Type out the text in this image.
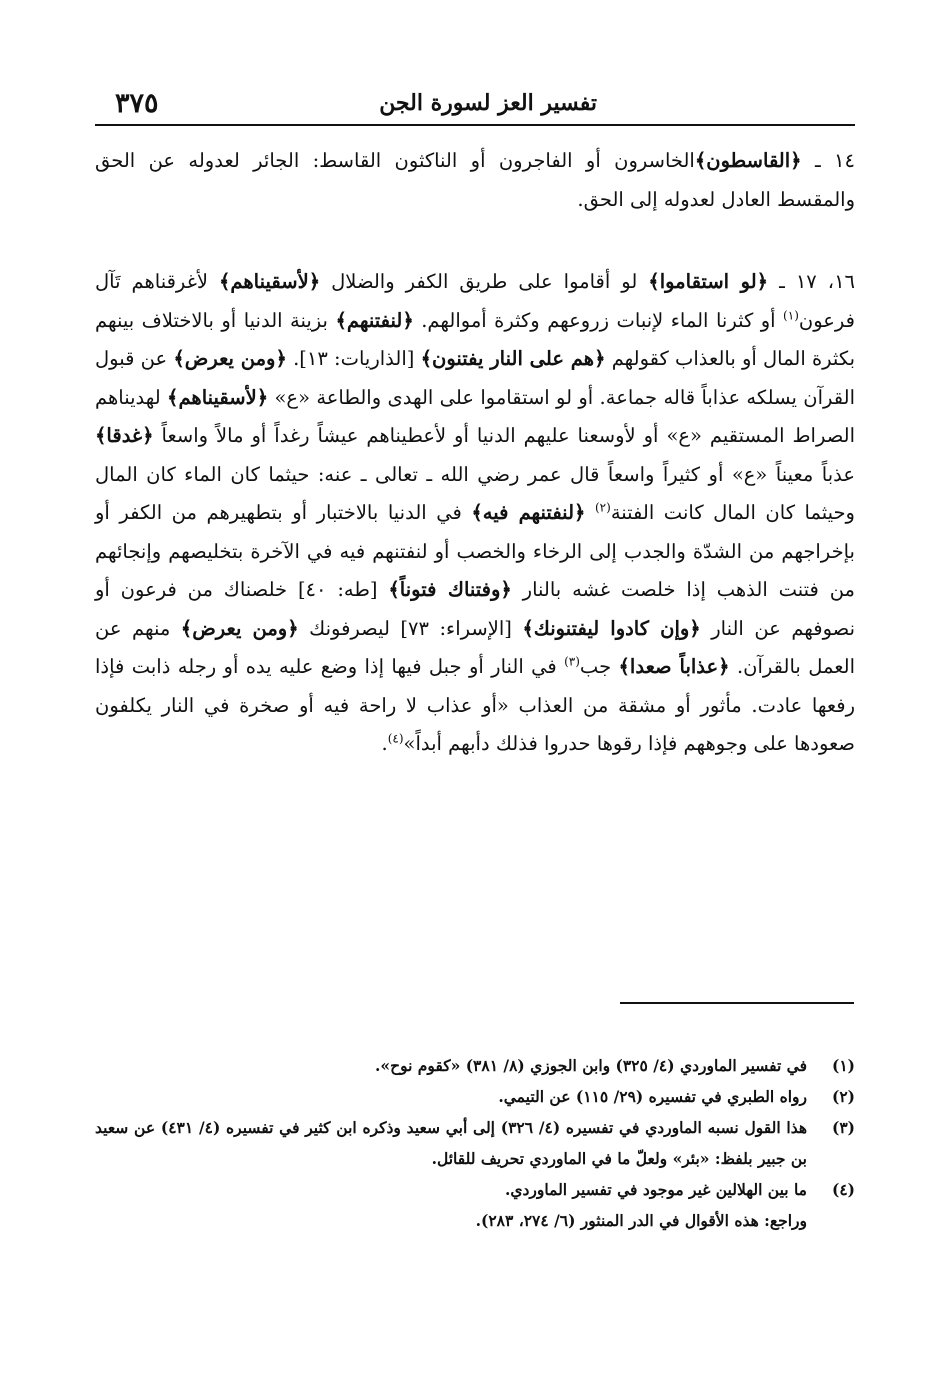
٣٧٥	تفسير العز لسورة الجن

١٤ ـ ﴿القاسطون﴾الخاسرون أو الفاجرون أو الناكثون القاسط: الجائر لعدوله عن الحق والمقسط العادل لعدوله إلى الحق.

١٦، ١٧ ـ ﴿لو استقاموا﴾ لو أقاموا على طريق الكفر والضلال ﴿لأسقيناهم﴾ لأغرقناهم تَآل فرعون$^{(١)}$ أو كثرنا الماء لإنبات زروعهم وكثرة أموالهم. ﴿لنفتنهم﴾ بزينة الدنيا أو بالاختلاف بينهم بكثرة المال أو بالعذاب كقولهم ﴿هم على النار يفتنون﴾ [الذاريات: ١٣]. ﴿ومن يعرض﴾ عن قبول القرآن يسلكه عذاباً قاله جماعة. أو لو استقاموا على الهدى والطاعة «ع» ﴿لأسقيناهم﴾ لهديناهم الصراط المستقيم «ع» أو لأوسعنا عليهم الدنيا أو لأعطيناهم عيشاً رغداً أو مالاً واسعاً ﴿غدقا﴾ عذباً معيناً «ع» أو كثيراً واسعاً قال عمر رضي الله ـ تعالى ـ عنه: حيثما كان الماء كان المال وحيثما كان المال كانت الفتنة$^{(٢)}$ ﴿لنفتنهم فيه﴾ في الدنيا بالاختبار أو بتطهيرهم من الكفر أو بإخراجهم من الشدّة والجدب إلى الرخاء والخصب أو لنفتنهم فيه في الآخرة بتخليصهم وإنجائهم من فتنت الذهب إذا خلصت غشه بالنار ﴿وفتناك فتوناً﴾ [طه: ٤٠] خلصناك من فرعون أو نصوفهم عن النار ﴿وإن كادوا ليفتنونك﴾ [الإسراء: ٧٣] ليصرفونك ﴿ومن يعرض﴾ منهم عن العمل بالقرآن. ﴿عذاباً صعدا﴾ جب$^{(٣)}$ في النار أو جبل فيها إذا وضع عليه يده أو رجله ذابت فإذا رفعها عادت. مأثور أو مشقة من العذاب «أو عذاب لا راحة فيه أو صخرة في النار يكلفون صعودها على وجوههم فإذا رقوها حدروا فذلك دأبهم أبداً»$^{(٤)}$.

(١)
في تفسير الماوردي (٤/ ٣٢٥) وابن الجوزي (٨/ ٣٨١) «كقوم نوح».
(٢)
رواه الطبري في تفسيره (٢٩/ ١١٥) عن التيمي.
(٣)
هذا القول نسبه الماوردي في تفسيره (٤/ ٣٢٦) إلى أبي سعيد وذكره ابن كثير في تفسيره (٤/ ٤٣١) عن سعيد بن جبير بلفظ: «بئر» ولعلّ ما في الماوردي تحريف للقائل.
(٤)
ما بين الهلالين غير موجود في تفسير الماوردي.
وراجع: هذه الأقوال في الدر المنثور (٦/ ٢٧٤، ٢٨٣).
